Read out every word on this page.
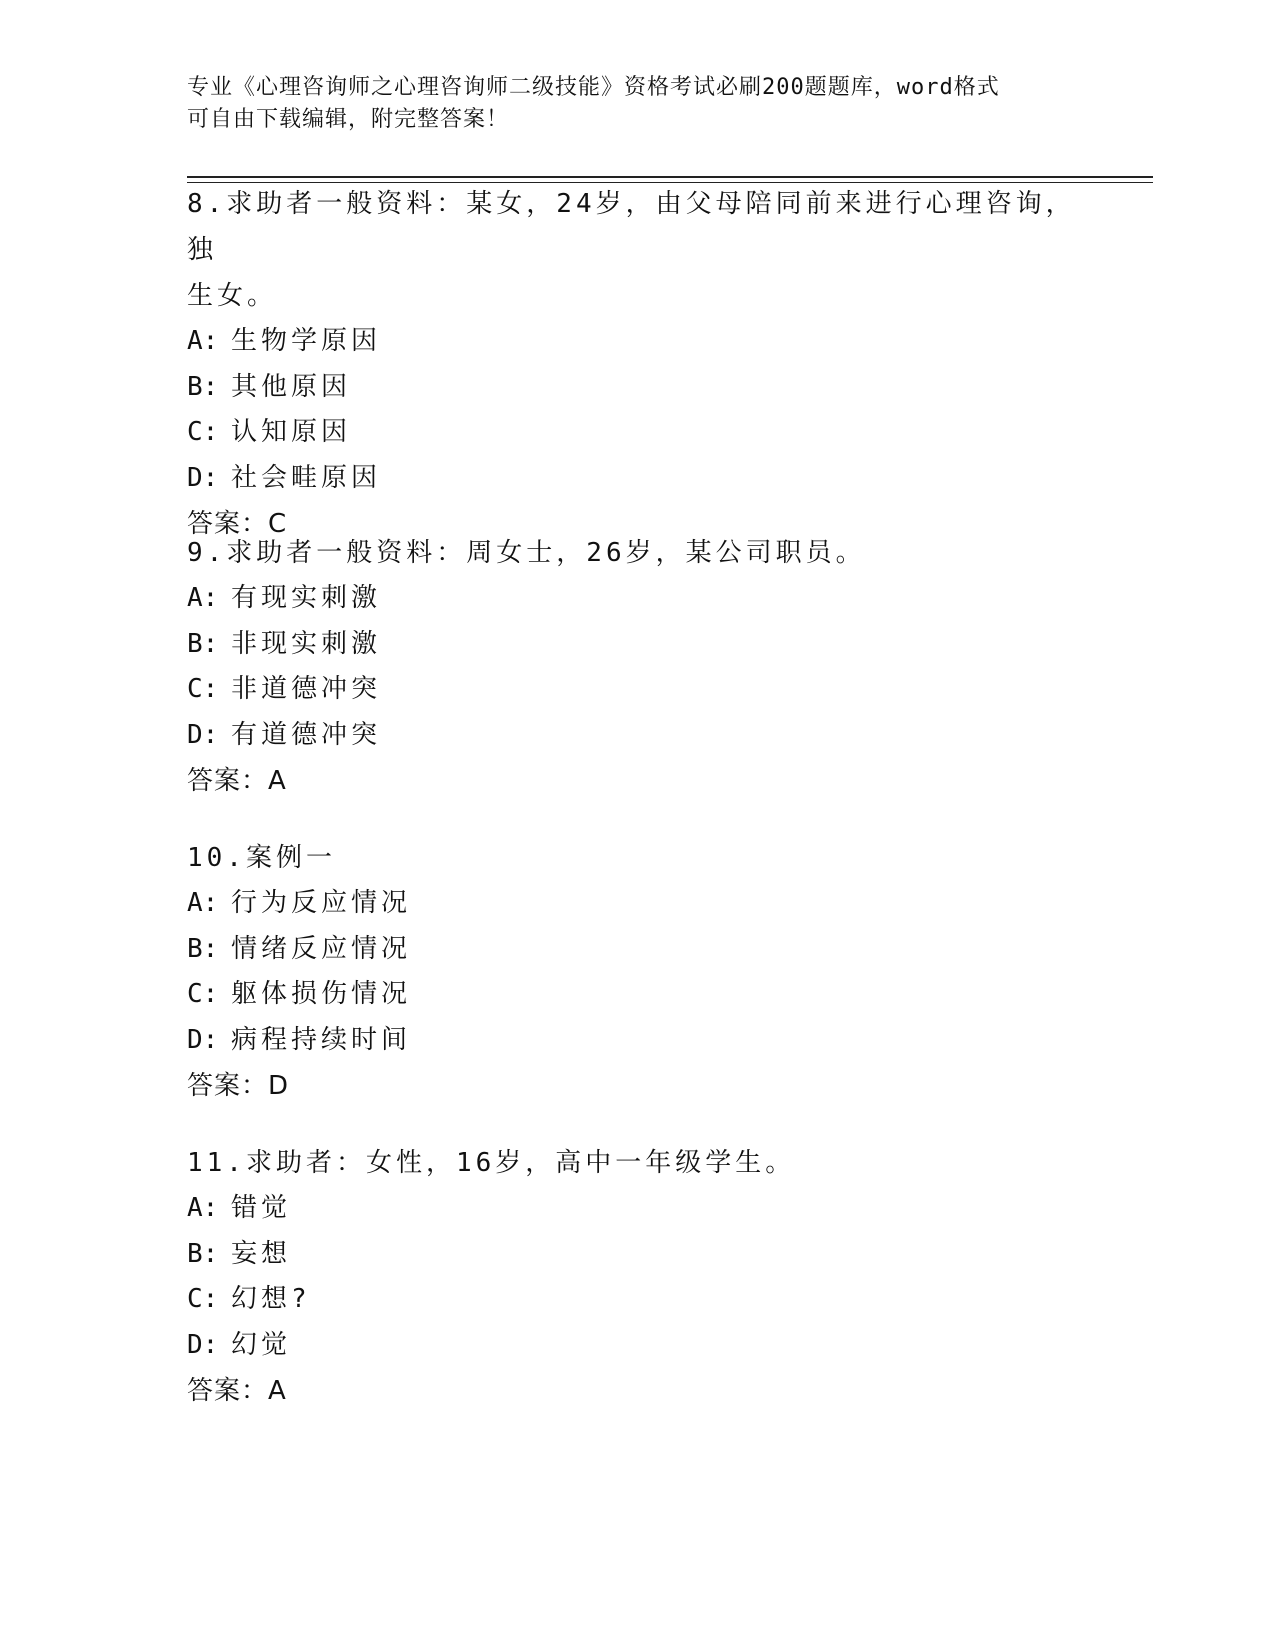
专业《心理咨询师之心理咨询师二级技能》资格考试必刷200题题库，word格式
可自由下载编辑，附完整答案！

8.求助者一般资料：某女，24岁，由父母陪同前来进行心理咨询，独

生女。

A: 生物学原因

B: 其他原因

C: 认知原因

D: 社会畦原因

答案：C

9.求助者一般资料：周女士，26岁，某公司职员。

A: 有现实刺激

B: 非现实刺激

C: 非道德冲突

D: 有道德冲突

答案：A

10.案例一

A: 行为反应情况

B: 情绪反应情况

C: 躯体损伤情况

D: 病程持续时间

答案：D

11.求助者：女性，16岁，高中一年级学生。

A: 错觉

B: 妄想

C: 幻想?

D: 幻觉

答案：A
